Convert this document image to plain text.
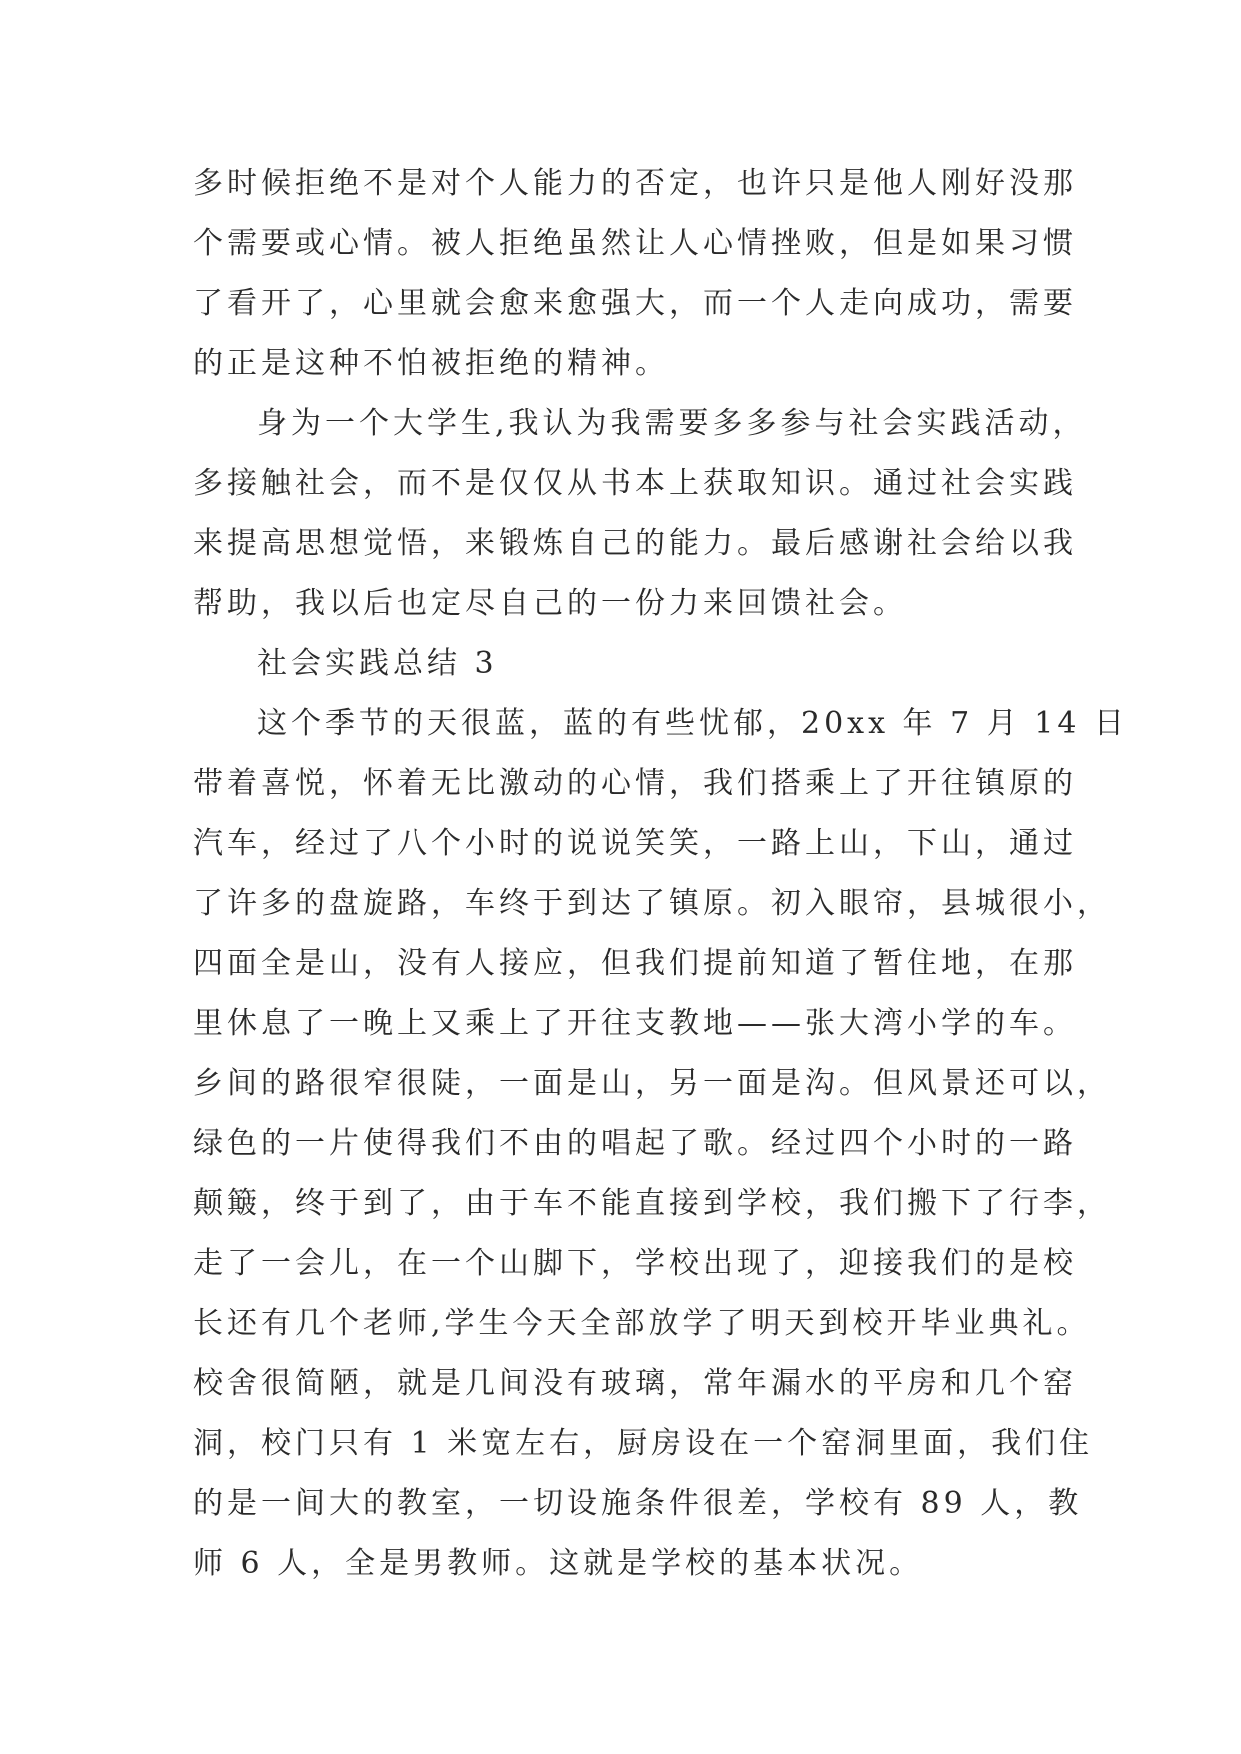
多时候拒绝不是对个人能力的否定，也许只是他人刚好没那

个需要或心情。被人拒绝虽然让人心情挫败，但是如果习惯

了看开了，心里就会愈来愈强大，而一个人走向成功，需要

的正是这种不怕被拒绝的精神。

身为一个大学生,我认为我需要多多参与社会实践活动，

多接触社会，而不是仅仅从书本上获取知识。通过社会实践

来提高思想觉悟，来锻炼自己的能力。最后感谢社会给以我

帮助，我以后也定尽自己的一份力来回馈社会。

社会实践总结 3

这个季节的天很蓝，蓝的有些忧郁，20xx 年 7 月 14 日

带着喜悦，怀着无比激动的心情，我们搭乘上了开往镇原的

汽车，经过了八个小时的说说笑笑，一路上山，下山，通过

了许多的盘旋路，车终于到达了镇原。初入眼帘，县城很小，

四面全是山，没有人接应，但我们提前知道了暂住地，在那

里休息了一晚上又乘上了开往支教地——张大湾小学的车。

乡间的路很窄很陡，一面是山，另一面是沟。但风景还可以，

绿色的一片使得我们不由的唱起了歌。经过四个小时的一路

颠簸，终于到了，由于车不能直接到学校，我们搬下了行李，

走了一会儿，在一个山脚下，学校出现了，迎接我们的是校

长还有几个老师,学生今天全部放学了明天到校开毕业典礼。

校舍很简陋，就是几间没有玻璃，常年漏水的平房和几个窑

洞，校门只有 1 米宽左右，厨房设在一个窑洞里面，我们住

的是一间大的教室，一切设施条件很差，学校有 89 人，教

师 6 人，全是男教师。这就是学校的基本状况。
